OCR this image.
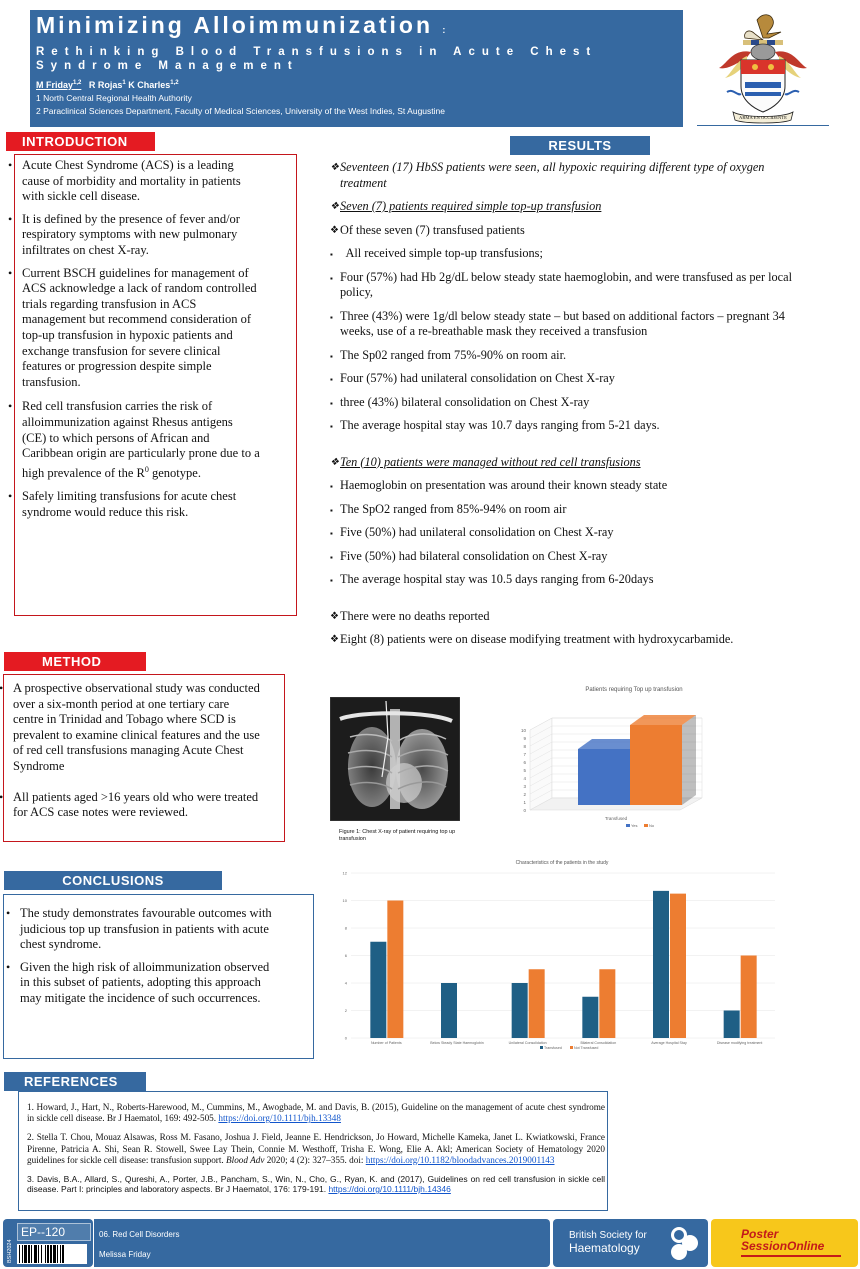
Minimizing Alloimmunization :
Rethinking Blood Transfusions in Acute Chest Syndrome Management
M Friday$^{1,2}$ R Rojas$^1$ K Charles$^{1,2}$
1 North Central Regional Health Authority
2 Paraclinical Sciences Department, Faculty of Medical Sciences, University of the West Indies, St Augustine
ARMA EN OCCIDENTE
INTRODUCTION
• Acute Chest Syndrome (ACS) is a leading cause of morbidity and mortality in patients with sickle cell disease.
• It is defined by the presence of fever and/or respiratory symptoms with new pulmonary infiltrates on chest X-ray.
• Current BSCH guidelines for management of ACS acknowledge a lack of random controlled trials regarding transfusion in ACS management but recommend consideration of top-up transfusion in hypoxic patients and exchange transfusion for severe clinical features or progression despite simple transfusion.
• Red cell transfusion carries the risk of alloimmunization against Rhesus antigens (CE) to which persons of African and Caribbean origin are particularly prone due to a high prevalence of the $R^0$ genotype.
• Safely limiting transfusions for acute chest syndrome would reduce this risk.
METHOD
• A prospective observational study was conducted over a six-month period at one tertiary care centre in Trinidad and Tobago where SCD is prevalent to examine clinical features and the use of red cell transfusions managing Acute Chest Syndrome
• All patients aged >16 years old who were treated for ACS case notes were reviewed.
CONCLUSIONS
• The study demonstrates favourable outcomes with judicious top up transfusion in patients with acute chest syndrome.
• Given the high risk of alloimmunization observed in this subset of patients, adopting this approach may mitigate the incidence of such occurrences.
RESULTS
❖ Seventeen (17) HbSS patients were seen, all hypoxic requiring different type of oxygen treatment
❖ Seven (7) patients required simple top-up transfusion
❖ Of these seven (7) transfused patients
▪ All received simple top-up transfusions;
▪ Four (57%) had Hb 2g/dL below steady state haemoglobin, and were transfused as per local policy,
▪ Three (43%) were 1g/dl below steady state – but based on additional factors – pregnant 34 weeks, use of a re-breathable mask they received a transfusion
▪ The Sp02 ranged from 75%-90% on room air.
▪ Four (57%) had unilateral consolidation on Chest X-ray
▪ three (43%) bilateral consolidation on Chest X-ray
▪ The average hospital stay was 10.7 days ranging from 5-21 days.
❖ Ten (10) patients were managed without red cell transfusions
▪ Haemoglobin on presentation was around their known steady state
▪ The SpO2 ranged from 85%-94% on room air
▪ Five (50%) had unilateral consolidation on Chest X-ray
▪ Five (50%) had bilateral consolidation on Chest X-ray
▪ The average hospital stay was 10.5 days ranging from 6-20days
❖ There were no deaths reported
❖ Eight (8) patients were on disease modifying treatment with hydroxycarbamide.
Figure 1: Chest X-ray of patient requiring top up transfusion
Patients requiring Top up transfusion
0
1
2
3
4
5
6
7
8
9
10
Transfused
Yes	No
Characteristics of the patients in the study
0
2
4
6
8
10
12
Number of Patients	Below Steady State Haemoglobin	Unilateral Consolidation	Bilateral Consolidation	Average Hospital Stay	Disease modifying treatment
Transfused	Not Transfused
REFERENCES

1. Howard, J., Hart, N., Roberts-Harewood, M., Cummins, M., Awogbade, M. and Davis, B. (2015), Guideline on the management of acute chest syndrome in sickle cell disease. Br J Haematol, 169: 492-505. https://doi.org/10.1111/bjh.13348

2. Stella T. Chou, Mouaz Alsawas, Ross M. Fasano, Joshua J. Field, Jeanne E. Hendrickson, Jo Howard, Michelle Kameka, Janet L. Kwiatkowski, France Pirenne, Patricia A. Shi, Sean R. Stowell, Swee Lay Thein, Connie M. Westhoff, Trisha E. Wong, Elie A. Akl; American Society of Hematology 2020 guidelines for sickle cell disease: transfusion support. Blood Adv 2020; 4 (2): 327–355. doi: https://doi.org/10.1182/bloodadvances.2019001143

3. Davis, B.A., Allard, S., Qureshi, A., Porter, J.B., Pancham, S., Win, N., Cho, G., Ryan, K. and (2017), Guidelines on red cell transfusion in sickle cell disease. Part I: principles and laboratory aspects. Br J Haematol, 176: 179-191. https://doi.org/10.1111/bjh.14346

EP--120
BSH2024
06. Red Cell Disorders
Melissa Friday
British Society for
Haematology
Poster
SessionOnline
